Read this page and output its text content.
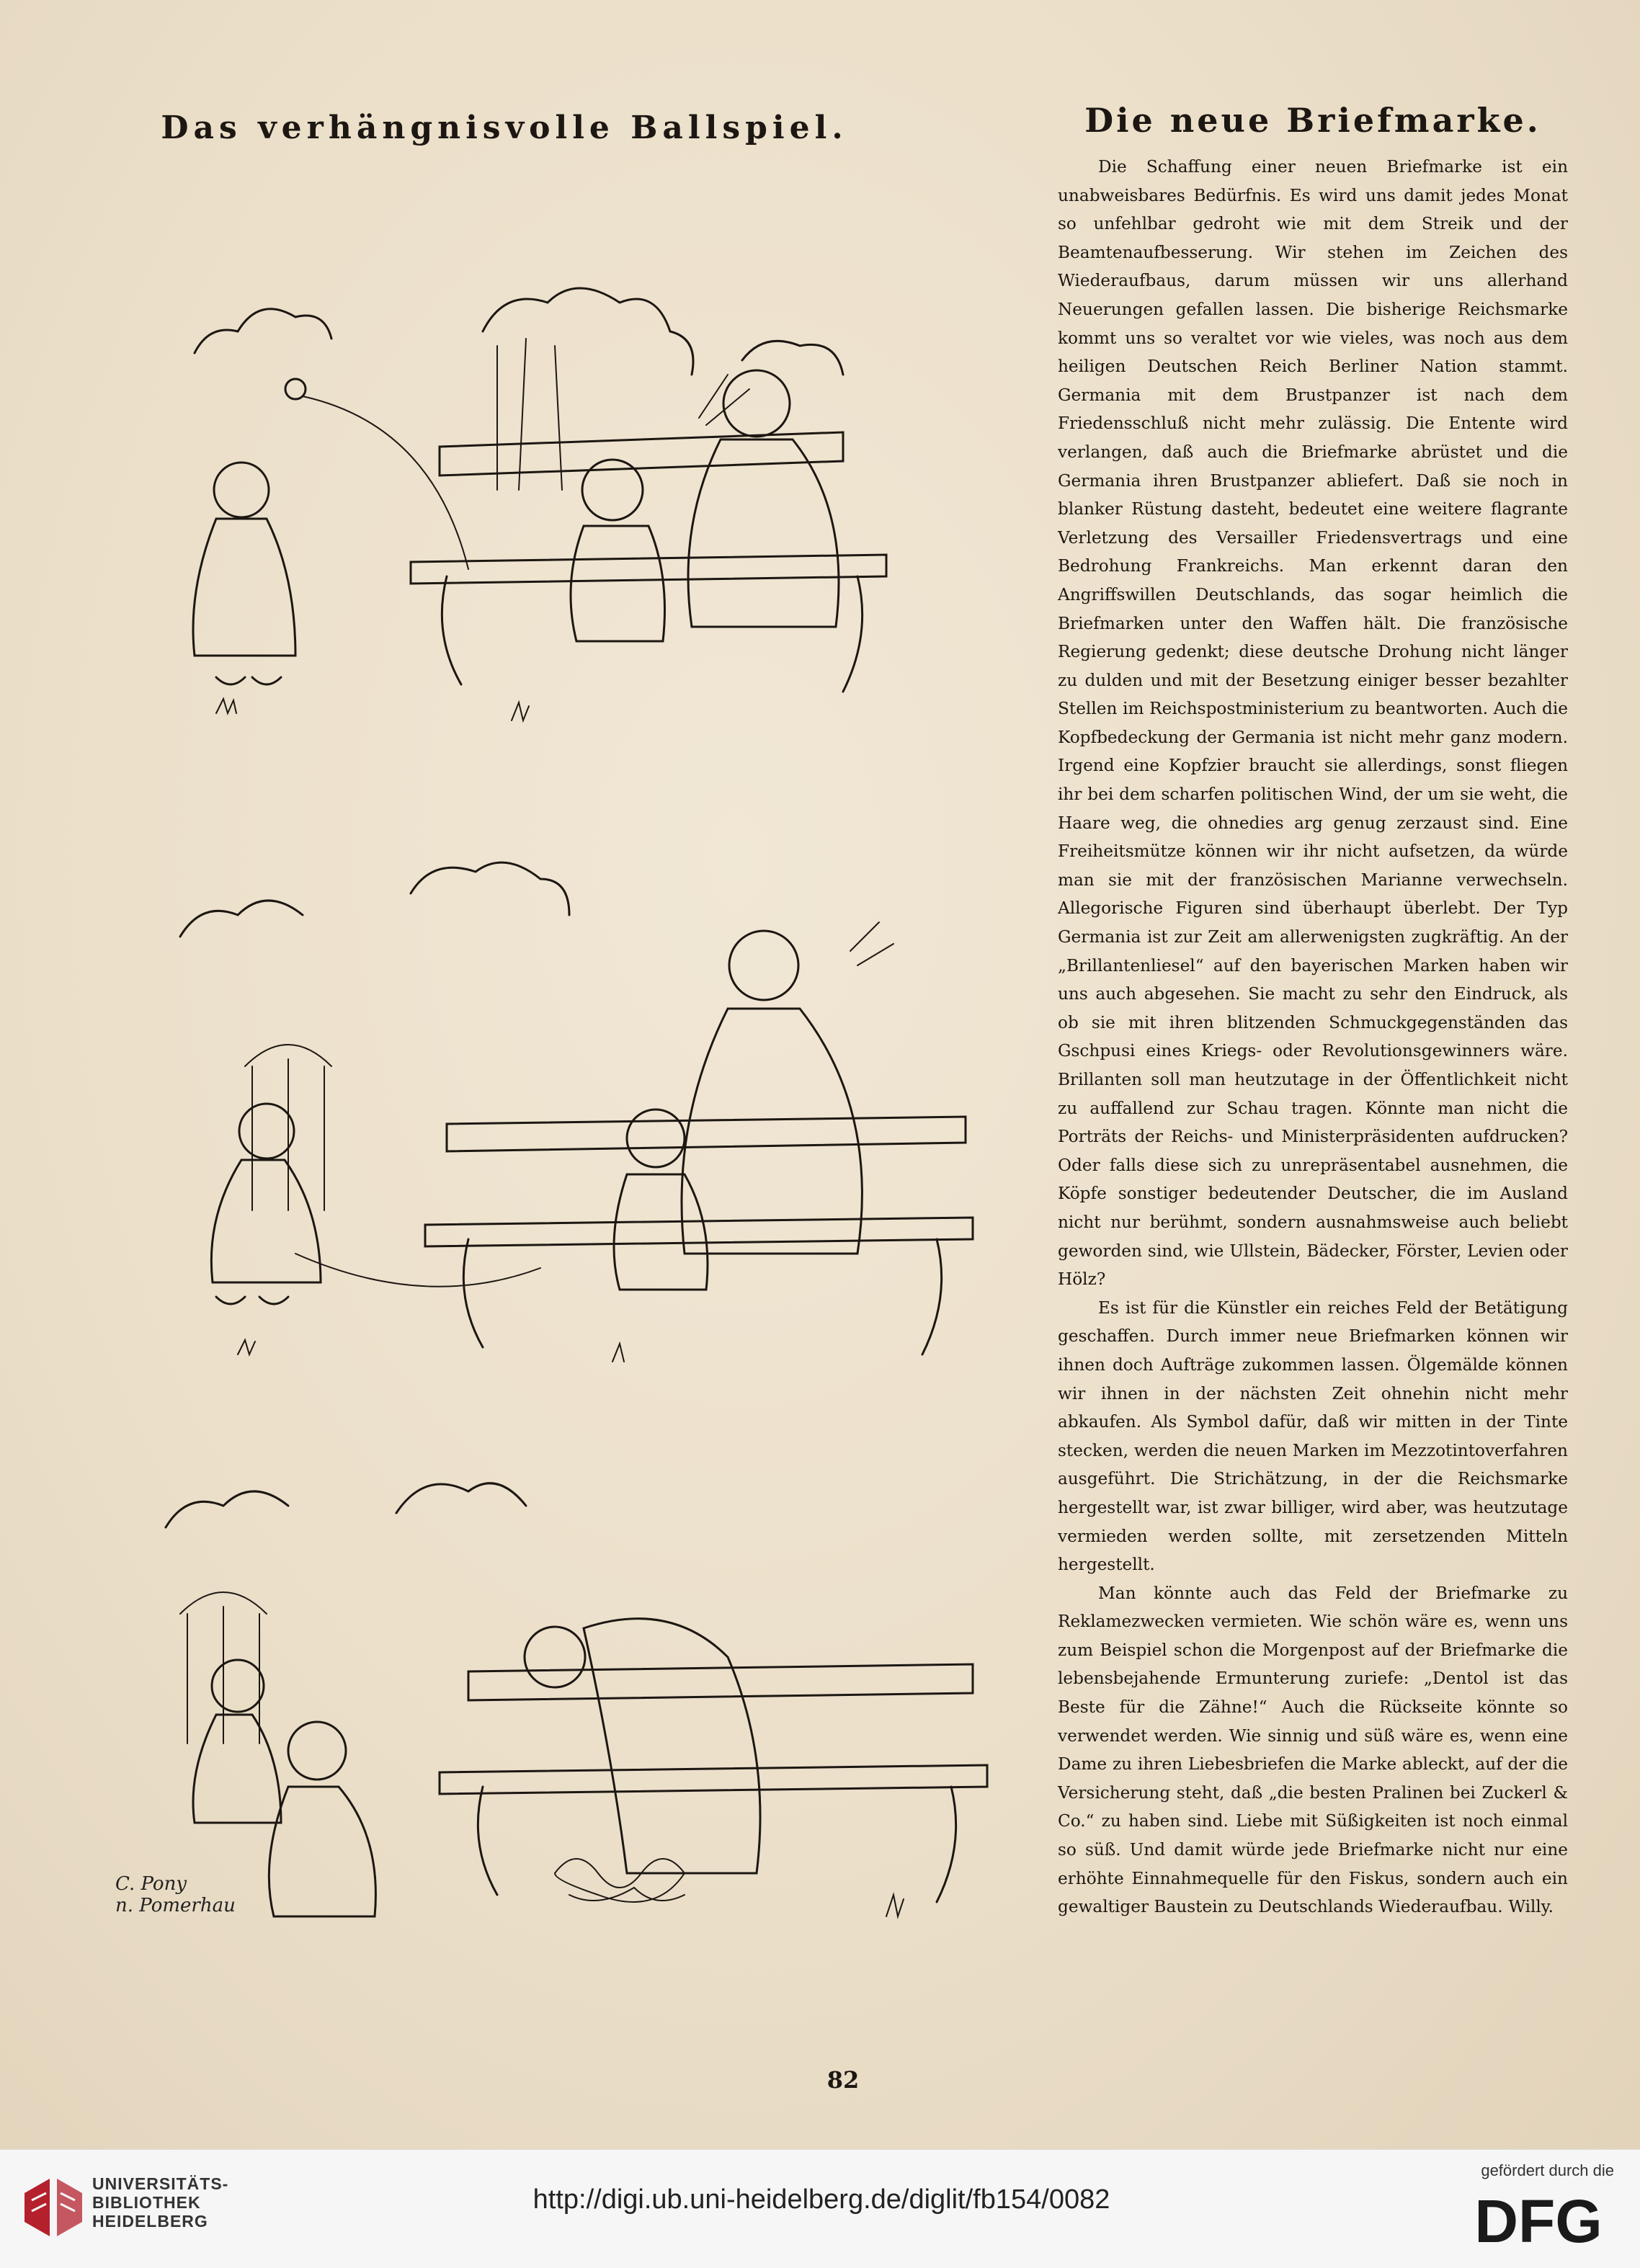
Das verhängnisvolle Ballspiel.
C. Pony
n. Pomerhau
Die neue Briefmarke.

Die Schaffung einer neuen Briefmarke ist ein unabweisbares Bedürfnis. Es wird uns damit jedes Monat so unfehlbar gedroht wie mit dem Streik und der Beamtenaufbesserung. Wir stehen im Zeichen des Wiederaufbaus, darum müssen wir uns allerhand Neuerungen gefallen lassen. Die bisherige Reichsmarke kommt uns so veraltet vor wie vieles, was noch aus dem heiligen Deutschen Reich Berliner Nation stammt. Germania mit dem Brustpanzer ist nach dem Friedensschluß nicht mehr zulässig. Die Entente wird verlangen, daß auch die Briefmarke abrüstet und die Germania ihren Brustpanzer abliefert. Daß sie noch in blanker Rüstung dasteht, bedeutet eine weitere flagrante Verletzung des Versailler Friedensvertrags und eine Bedrohung Frankreichs. Man erkennt daran den Angriffswillen Deutschlands, das sogar heimlich die Briefmarken unter den Waffen hält. Die französische Regierung gedenkt; diese deutsche Drohung nicht länger zu dulden und mit der Besetzung einiger besser bezahlter Stellen im Reichspostministerium zu beantworten. Auch die Kopfbedeckung der Germania ist nicht mehr ganz modern. Irgend eine Kopfzier braucht sie allerdings, sonst fliegen ihr bei dem scharfen politischen Wind, der um sie weht, die Haare weg, die ohnedies arg genug zerzaust sind. Eine Freiheitsmütze können wir ihr nicht aufsetzen, da würde man sie mit der französischen Marianne verwechseln. Allegorische Figuren sind überhaupt überlebt. Der Typ Germania ist zur Zeit am allerwenigsten zugkräftig. An der „Brillantenliesel“ auf den bayerischen Marken haben wir uns auch abgesehen. Sie macht zu sehr den Eindruck, als ob sie mit ihren blitzenden Schmuckgegenständen das Gschpusi eines Kriegs- oder Revolutionsgewinners wäre. Brillanten soll man heutzutage in der Öffentlichkeit nicht zu auffallend zur Schau tragen. Könnte man nicht die Porträts der Reichs- und Ministerpräsidenten aufdrucken? Oder falls diese sich zu unrepräsentabel ausnehmen, die Köpfe sonstiger bedeutender Deutscher, die im Ausland nicht nur berühmt, sondern ausnahmsweise auch beliebt geworden sind, wie Ullstein, Bädecker, Förster, Levien oder Hölz?

Es ist für die Künstler ein reiches Feld der Betätigung geschaffen. Durch immer neue Briefmarken können wir ihnen doch Aufträge zukommen lassen. Ölgemälde können wir ihnen in der nächsten Zeit ohnehin nicht mehr abkaufen. Als Symbol dafür, daß wir mitten in der Tinte stecken, werden die neuen Marken im Mezzotintoverfahren ausgeführt. Die Strichätzung, in der die Reichsmarke hergestellt war, ist zwar billiger, wird aber, was heutzutage vermieden werden sollte, mit zersetzenden Mitteln hergestellt.

Man könnte auch das Feld der Briefmarke zu Reklamezwecken vermieten. Wie schön wäre es, wenn uns zum Beispiel schon die Morgenpost auf der Briefmarke die lebensbejahende Ermunterung zuriefe: „Dentol ist das Beste für die Zähne!“ Auch die Rückseite könnte so verwendet werden. Wie sinnig und süß wäre es, wenn eine Dame zu ihren Liebesbriefen die Marke ableckt, auf der die Versicherung steht, daß „die besten Pralinen bei Zuckerl & Co.“ zu haben sind. Liebe mit Süßigkeiten ist noch einmal so süß. Und damit würde jede Briefmarke nicht nur eine erhöhte Einnahmequelle für den Fiskus, sondern auch ein gewaltiger Baustein zu Deutschlands Wiederaufbau. Willy.
82
UNIVERSITÄTS-
BIBLIOTHEK
HEIDELBERG
http://digi.ub.uni-heidelberg.de/diglit/fb154/0082
gefördert durch die
DFG
